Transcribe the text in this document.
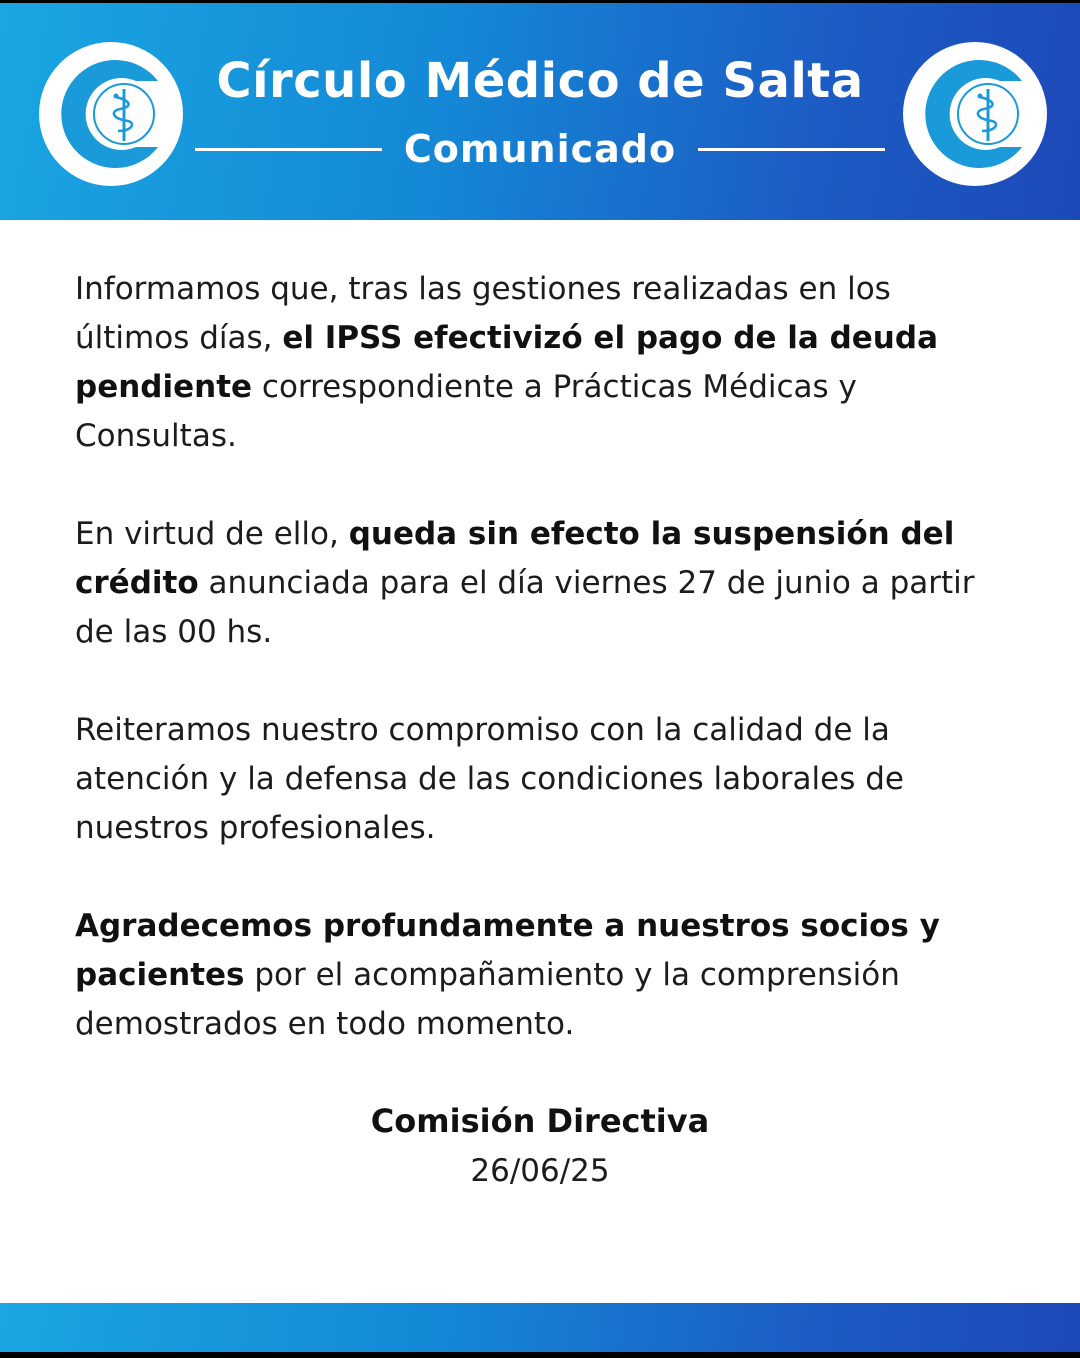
Círculo Médico de Salta
Comunicado

Informamos que, tras las gestiones realizadas en los últimos días, el IPSS efectivizó el pago de la deuda pendiente correspondiente a Prácticas Médicas y Consultas.

En virtud de ello, queda sin efecto la suspensión del crédito anunciada para el día viernes 27 de junio a partir de las 00 hs.

Reiteramos nuestro compromiso con la calidad de la atención y la defensa de las condiciones laborales de nuestros profesionales.

Agradecemos profundamente a nuestros socios y pacientes por el acompañamiento y la comprensión demostrados en todo momento.

Comisión Directiva
26/06/25
